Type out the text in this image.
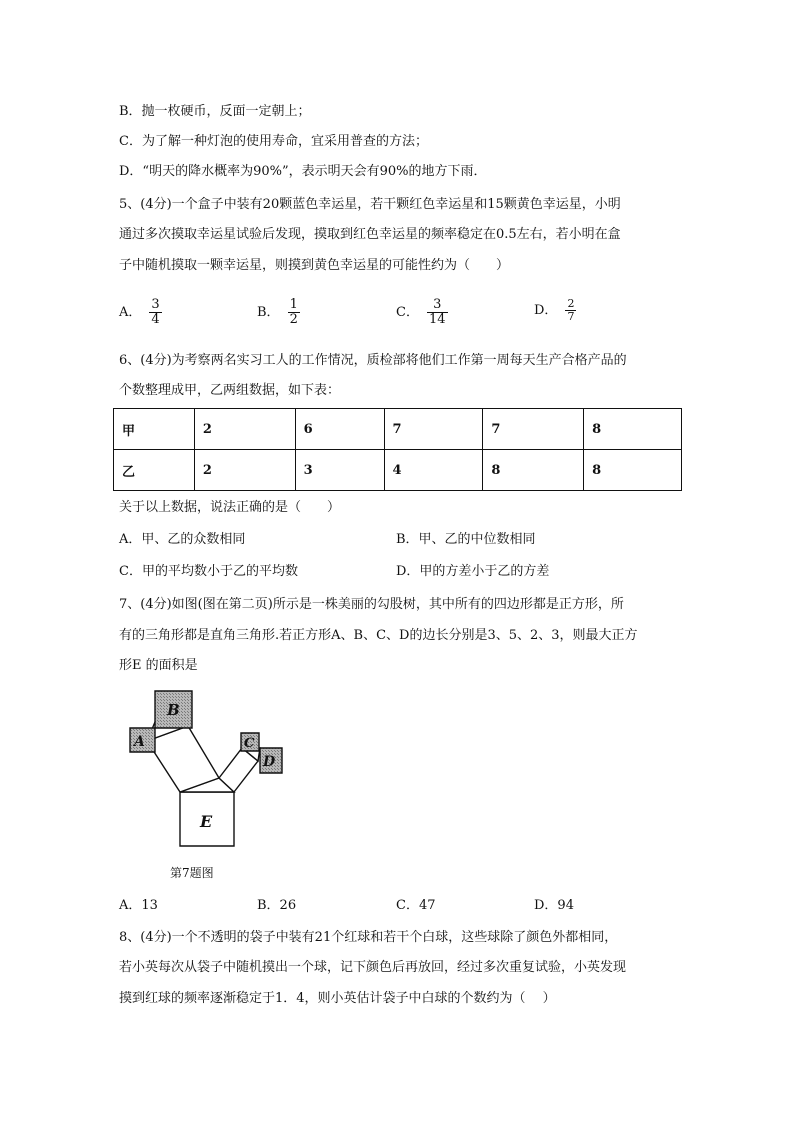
B．抛一枚硬币，反面一定朝上；
C．为了解一种灯泡的使用寿命，宜采用普查的方法；
D．“明天的降水概率为90%”，表示明天会有90%的地方下雨．
5、(4分)一个盒子中装有20颗蓝色幸运星，若干颗红色幸运星和15颗黄色幸运星，小明
通过多次摸取幸运星试验后发现，摸取到红色幸运星的频率稳定在0.5左右，若小明在盒
子中随机摸取一颗幸运星，则摸到黄色幸运星的可能性约为（　　）
A． $\frac{3}{4}$	B． $\frac{1}{2}$	C． $\frac{3}{14}$	D． $\frac{2}{7}$
6、(4分)为考察两名实习工人的工作情况，质检部将他们工作第一周每天生产合格产品的
个数整理成甲，乙两组数据，如下表：
甲	2	6	7	7	8
乙	2	3	4	8	8
关于以上数据，说法正确的是（　　）
A．甲、乙的众数相同	B．甲、乙的中位数相同
C．甲的平均数小于乙的平均数	D．甲的方差小于乙的方差
7、(4分)如图(图在第二页)所示是一株美丽的勾股树，其中所有的四边形都是正方形，所
有的三角形都是直角三角形.若正方形A、B、C、D的边长分别是3、5、2、3，则最大正方
形E 的面积是
A
B
C
D
E
第7题图
A．13	B．26	C．47	D．94
8、(4分)一个不透明的袋子中装有21个红球和若干个白球，这些球除了颜色外都相同，
若小英每次从袋子中随机摸出一个球，记下颜色后再放回，经过多次重复试验，小英发现
摸到红球的频率逐渐稳定于1．4，则小英估计袋子中白球的个数约为（　 ）
